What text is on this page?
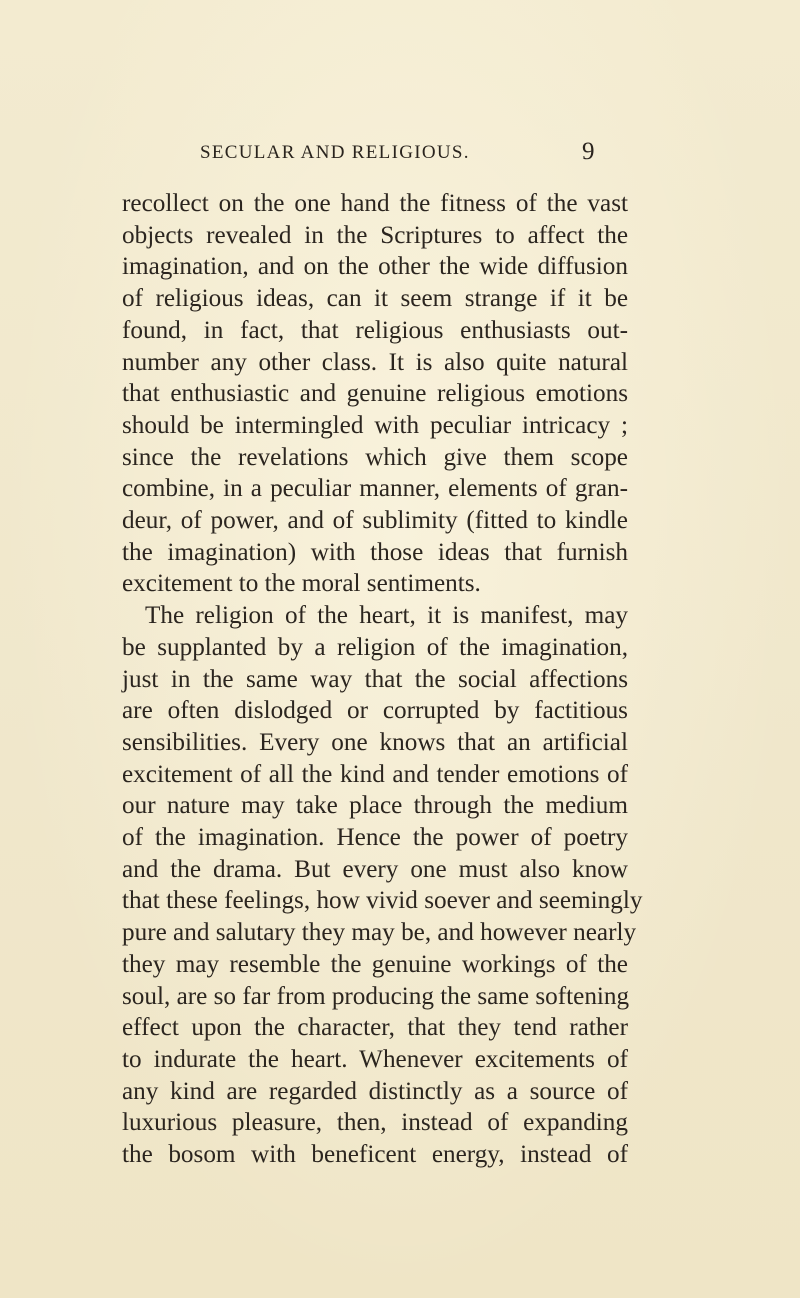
SECULAR AND RELIGIOUS.	9
recollect on the one hand the fitness of the vast
objects revealed in the Scriptures to affect the
imagination, and on the other the wide diffusion
of religious ideas, can it seem strange if it be
found, in fact, that religious enthusiasts out-
number any other class. It is also quite natural
that enthusiastic and genuine religious emotions
should be intermingled with peculiar intricacy ;
since the revelations which give them scope
combine, in a peculiar manner, elements of gran-
deur, of power, and of sublimity (fitted to kindle
the imagination) with those ideas that furnish
excitement to the moral sentiments.
The religion of the heart, it is manifest, may
be supplanted by a religion of the imagination,
just in the same way that the social affections
are often dislodged or corrupted by factitious
sensibilities. Every one knows that an artificial
excitement of all the kind and tender emotions of
our nature may take place through the medium
of the imagination. Hence the power of poetry
and the drama. But every one must also know
that these feelings, how vivid soever and seemingly
pure and salutary they may be, and however nearly
they may resemble the genuine workings of the
soul, are so far from producing the same softening
effect upon the character, that they tend rather
to indurate the heart. Whenever excitements of
any kind are regarded distinctly as a source of
luxurious pleasure, then, instead of expanding
the bosom with beneficent energy, instead of
